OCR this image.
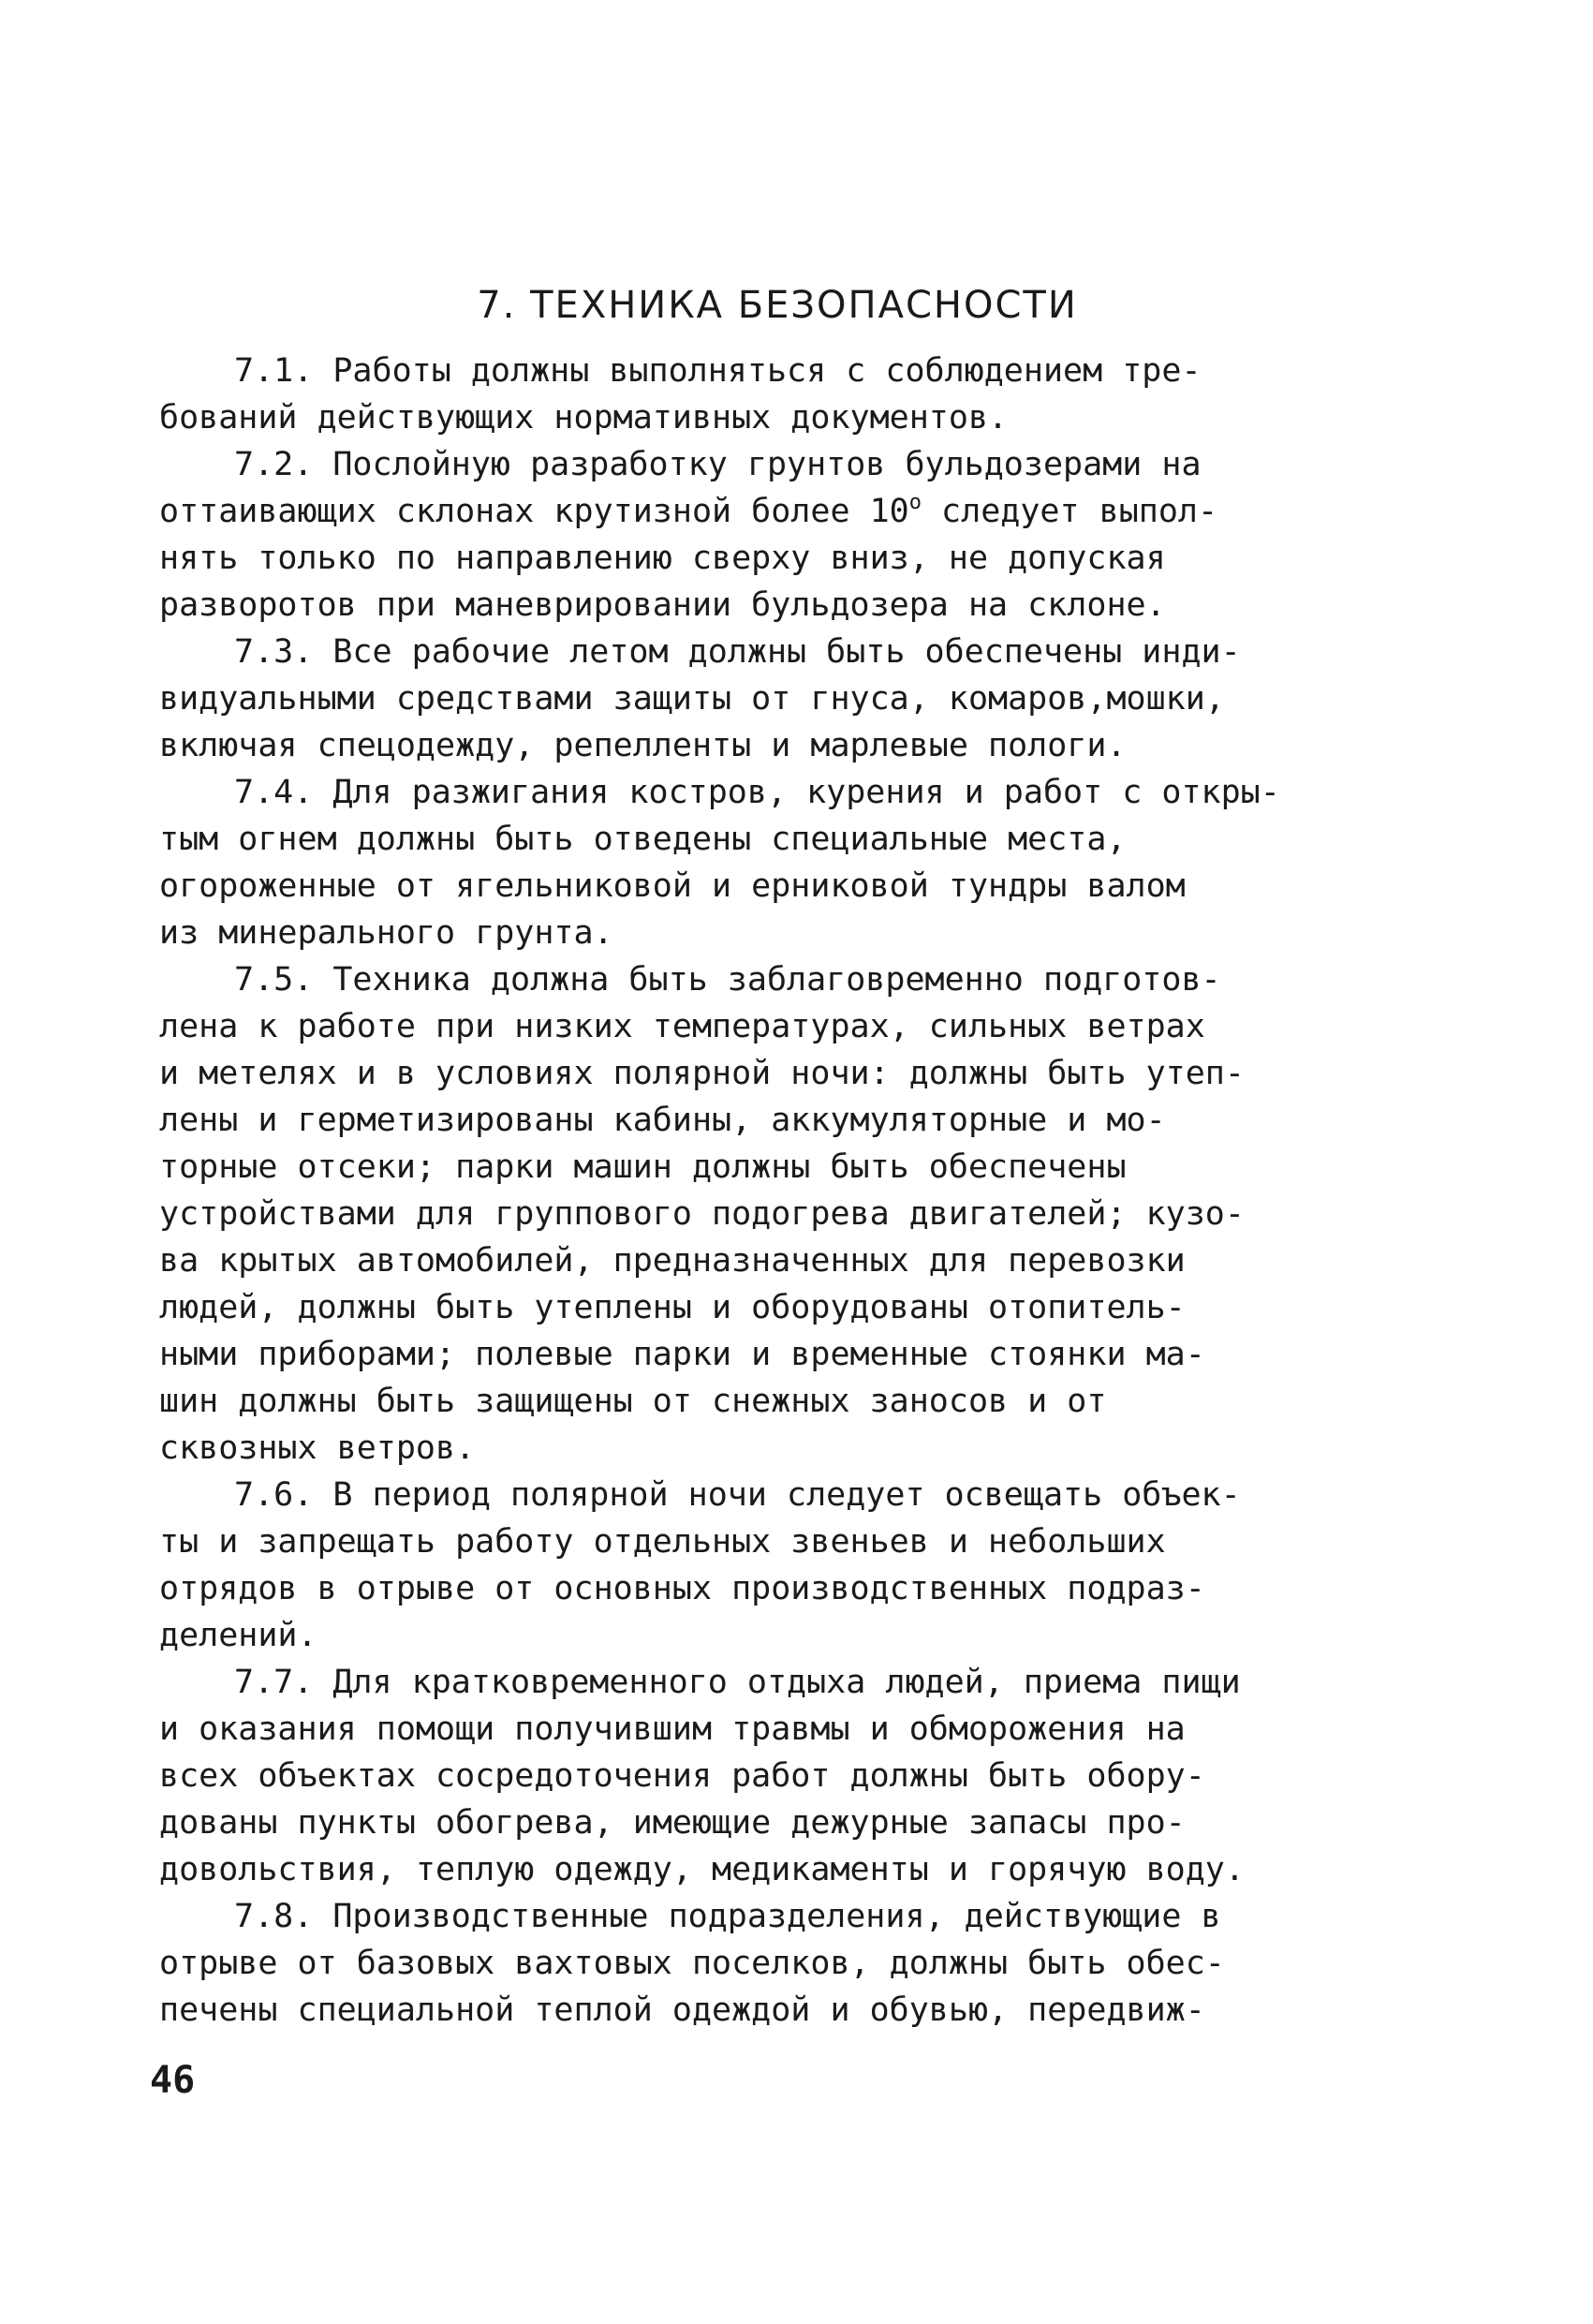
7. ТЕХНИКА БЕЗОПАСНОСТИ
7.1. Работы должны выполняться с соблюдением тре-
бований действующих нормативных документов.
7.2. Послойную разработку грунтов бульдозерами на
оттаивающих склонах крутизной более $10^о$ следует выпол-
нять только по направлению сверху вниз, не допуская
разворотов при маневрировании бульдозера на склоне.
7.3. Все рабочие летом должны быть обеспечены инди-
видуальными средствами защиты от гнуса, комаров,мошки,
включая спецодежду, репелленты и марлевые пологи.
7.4. Для разжигания костров, курения и работ с откры-
тым огнем должны быть отведены специальные места,
огороженные от ягельниковой и ерниковой тундры валом
из минерального грунта.
7.5. Техника должна быть заблаговременно подготов-
лена к работе при низких температурах, сильных ветрах
и метелях и в условиях полярной ночи: должны быть утеп-
лены и герметизированы кабины, аккумуляторные и мо-
торные отсеки; парки машин должны быть обеспечены
устройствами для группового подогрева двигателей; кузо-
ва крытых автомобилей, предназначенных для перевозки
людей, должны быть утеплены и оборудованы отопитель-
ными приборами; полевые парки и временные стоянки ма-
шин должны быть защищены от снежных заносов и от
сквозных ветров.
7.6. В период полярной ночи следует освещать объек-
ты и запрещать работу отдельных звеньев и небольших
отрядов в отрыве от основных производственных подраз-
делений.
7.7. Для кратковременного отдыха людей, приема пищи
и оказания помощи получившим травмы и обморожения на
всех объектах сосредоточения работ должны быть обору-
дованы пункты обогрева, имеющие дежурные запасы про-
довольствия, теплую одежду, медикаменты и горячую воду.
7.8. Производственные подразделения, действующие в
отрыве от базовых вахтовых поселков, должны быть обес-
печены специальной теплой одеждой и обувью, передвиж-
46
